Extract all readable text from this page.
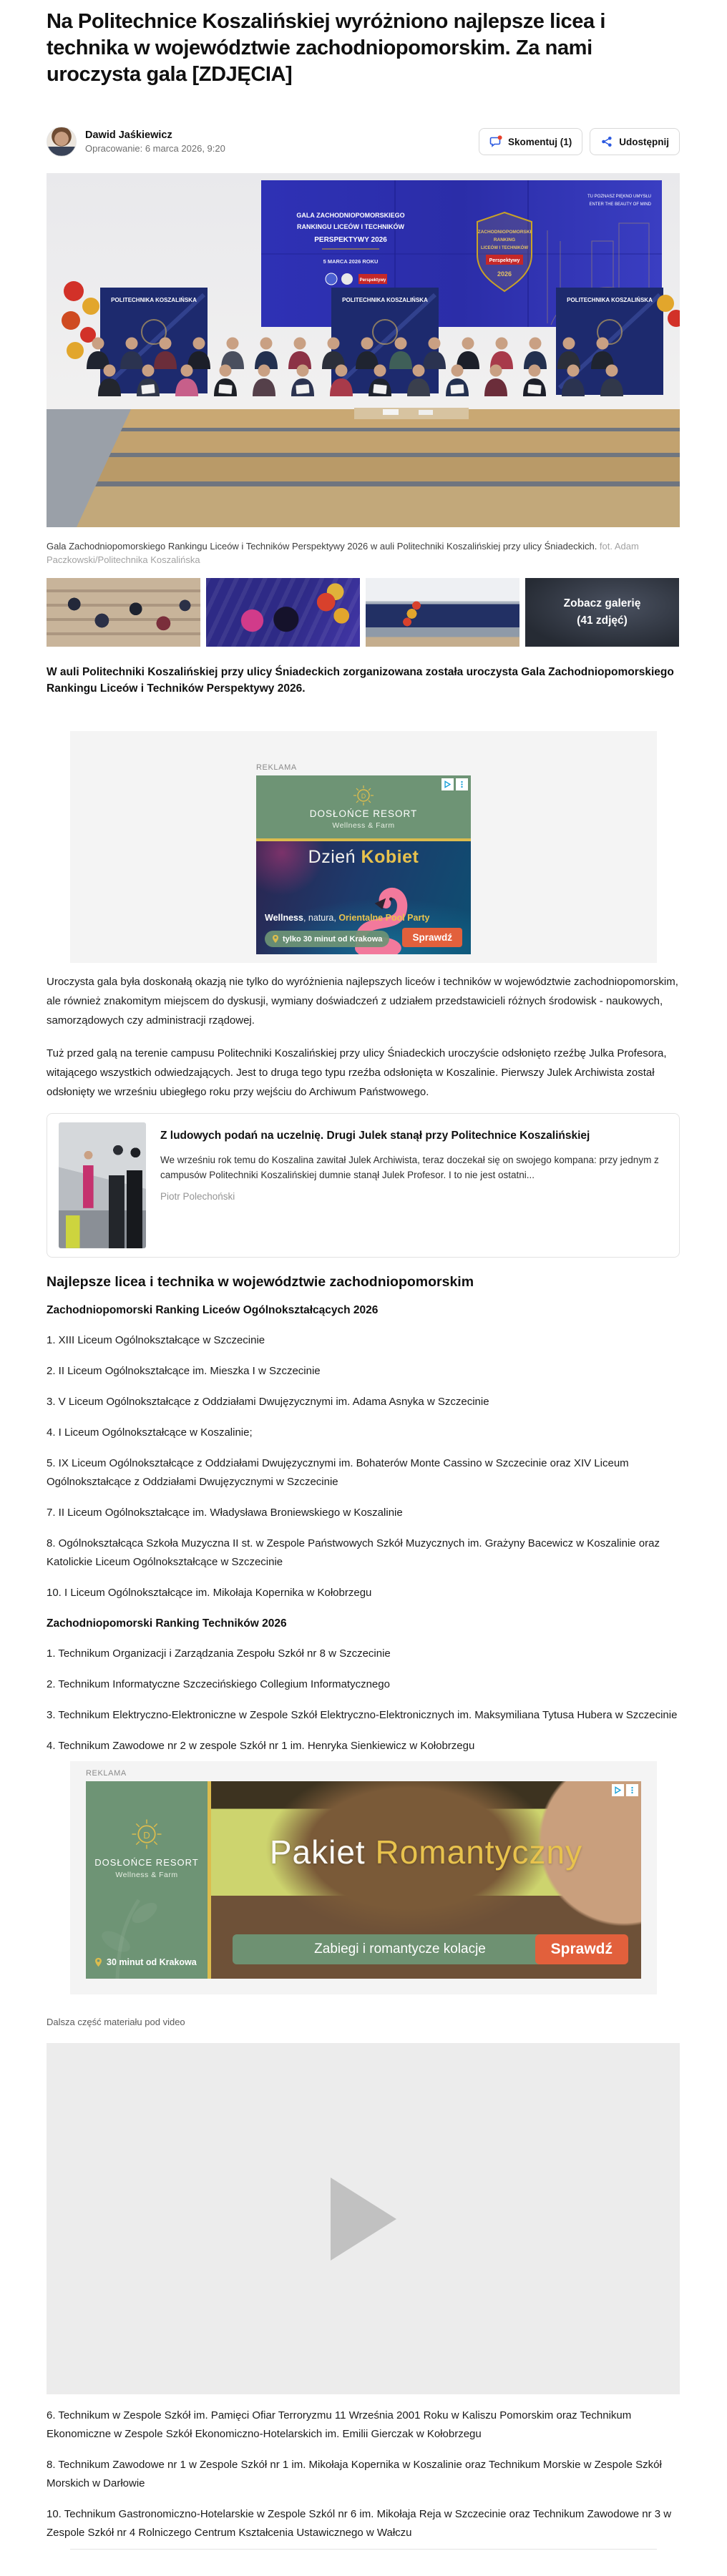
Na Politechnice Koszalińskiej wyróżniono najlepsze licea i technika w województwie zachodniopomorskim. Za nami uroczysta gala [ZDJĘCIA]
Dawid Jaśkiewicz
Opracowanie: 6 marca 2026, 9:20
Skomentuj (1)	Udostępnij
GALA ZACHODNIOPOMORSKIEGO
RANKINGU LICEÓW I TECHNIKÓW
PERSPEKTYWY 2026
5 MARCA 2026 ROKU
Perspektywy
ZACHODNIOPOMORSKI
RANKING
LICEÓW I TECHNIKÓW
Perspektywy
2026
TU POZNASZ PIĘKNO UMYSŁU
ENTER THE BEAUTY OF MIND
POLITECHNIKA KOSZALIŃSKA	POLITECHNIKA KOSZALIŃSKA	POLITECHNIKA KOSZALIŃSKA

Gala Zachodniopomorskiego Rankingu Liceów i Techników Perspektywy 2026 w auli Politechniki Koszalińskiej przy ulicy Śniadeckich. fot. Adam Paczkowski/Politechnika Koszalińska

Zobacz galerię
(41 zdjęć)

W auli Politechniki Koszalińskiej przy ulicy Śniadeckich zorganizowana została uroczysta Gala Zachodniopomorskiego Rankingu Liceów i Techników Perspektywy 2026.

REKLAMA
D
DOSŁOŃCE RESORT
Wellness & Farm
Dzień Kobiet
Wellness, natura, Orientalne Pool Party
tylko 30 minut od Krakowa	Sprawdź

Uroczysta gala była doskonałą okazją nie tylko do wyróżnienia najlepszych liceów i techników w województwie zachodniopomorskim, ale również znakomitym miejscem do dyskusji, wymiany doświadczeń z udziałem przedstawicieli różnych środowisk - naukowych, samorządowych czy administracji rządowej.

Tuż przed galą na terenie campusu Politechniki Koszalińskiej przy ulicy Śniadeckich uroczyście odsłonięto rzeźbę Julka Profesora, witającego wszystkich odwiedzających. Jest to druga tego typu rzeźba odsłonięta w Koszalinie. Pierwszy Julek Archiwista został odsłonięty we wrześniu ubiegłego roku przy wejściu do Archiwum Państwowego.

Z ludowych podań na uczelnię. Drugi Julek stanął przy Politechnice Koszalińskiej
We wrześniu rok temu do Koszalina zawitał Julek Archiwista, teraz doczekał się on swojego kompana: przy jednym z campusów Politechniki Koszalińskiej dumnie stanął Julek Profesor. I to nie jest ostatni...
Piotr Polechoński
Najlepsze licea i technika w województwie zachodniopomorskim
Zachodniopomorski Ranking Liceów Ogólnokształcących 2026

1. XIII Liceum Ogólnokształcące w Szczecinie

2. II Liceum Ogólnokształcące im. Mieszka I w Szczecinie

3. V Liceum Ogólnokształcące z Oddziałami Dwujęzycznymi im. Adama Asnyka w Szczecinie

4. I Liceum Ogólnokształcące w Koszalinie;

5. IX Liceum Ogólnokształcące z Oddziałami Dwujęzycznymi im. Bohaterów Monte Cassino w Szczecinie oraz XIV Liceum Ogólnokształcące z Oddziałami Dwujęzycznymi w Szczecinie

7. II Liceum Ogólnokształcące im. Władysława Broniewskiego w Koszalinie

8. Ogólnokształcąca Szkoła Muzyczna II st. w Zespole Państwowych Szkół Muzycznych im. Grażyny Bacewicz w Koszalinie oraz Katolickie Liceum Ogólnokształcące w Szczecinie

10. I Liceum Ogólnokształcące im. Mikołaja Kopernika w Kołobrzegu

Zachodniopomorski Ranking Techników 2026

1. Technikum Organizacji i Zarządzania Zespołu Szkół nr 8 w Szczecinie

2. Technikum Informatyczne Szczecińskiego Collegium Informatycznego

3. Technikum Elektryczno-Elektroniczne w Zespole Szkół Elektryczno-Elektronicznych im. Maksymiliana Tytusa Hubera w Szczecinie

4. Technikum Zawodowe nr 2 w zespole Szkół nr 1 im. Henryka Sienkiewicz w Kołobrzegu

REKLAMA
D
DOSŁOŃCE RESORT
Wellness & Farm
30 minut od Krakowa
Pakiet Romantyczny
Zabiegi i romantycze kolacje	Sprawdź

Dalsza część materiału pod video

6. Technikum w Zespole Szkół im. Pamięci Ofiar Terroryzmu 11 Września 2001 Roku w Kaliszu Pomorskim oraz Technikum Ekonomiczne w Zespole Szkół Ekonomiczno-Hotelarskich im. Emilii Gierczak w Kołobrzegu

8. Technikum Zawodowe nr 1 w Zespole Szkół nr 1 im. Mikołaja Kopernika w Koszalinie oraz Technikum Morskie w Zespole Szkół Morskich w Darłowie

10. Technikum Gastronomiczno-Hotelarskie w Zespole Szkól nr 6 im. Mikołaja Reja w Szczecinie oraz Technikum Zawodowe nr 3 w Zespole Szkół nr 4 Rolniczego Centrum Kształcenia Ustawicznego w Wałczu
